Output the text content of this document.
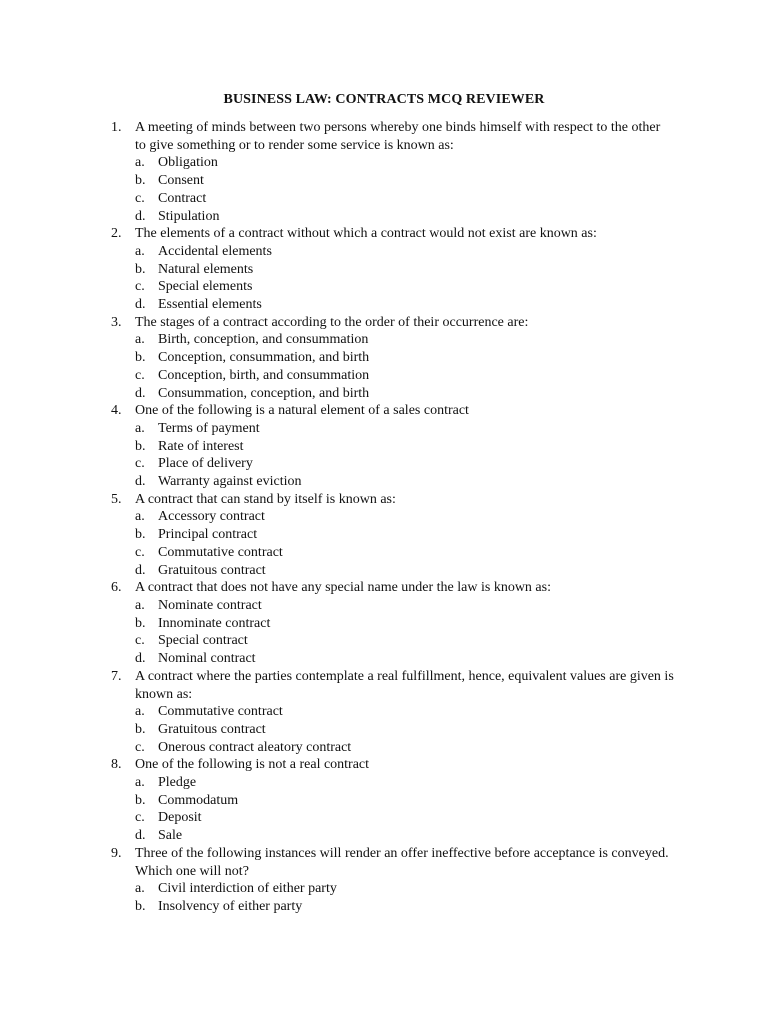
BUSINESS LAW: CONTRACTS MCQ REVIEWER
1. A meeting of minds between two persons whereby one binds himself with respect to the other to give something or to render some service is known as:
a. Obligation
b. Consent
c. Contract
d. Stipulation
2. The elements of a contract without which a contract would not exist are known as:
a. Accidental elements
b. Natural elements
c. Special elements
d. Essential elements
3. The stages of a contract according to the order of their occurrence are:
a. Birth, conception, and consummation
b. Conception, consummation, and birth
c. Conception, birth, and consummation
d. Consummation, conception, and birth
4. One of the following is a natural element of a sales contract
a. Terms of payment
b. Rate of interest
c. Place of delivery
d. Warranty against eviction
5. A contract that can stand by itself is known as:
a. Accessory contract
b. Principal contract
c. Commutative contract
d. Gratuitous contract
6. A contract that does not have any special name under the law is known as:
a. Nominate contract
b. Innominate contract
c. Special contract
d. Nominal contract
7. A contract where the parties contemplate a real fulfillment, hence, equivalent values are given is known as:
a. Commutative contract
b. Gratuitous contract
c. Onerous contract aleatory contract
8. One of the following is not a real contract
a. Pledge
b. Commodatum
c. Deposit
d. Sale
9. Three of the following instances will render an offer ineffective before acceptance is conveyed. Which one will not?
a. Civil interdiction of either party
b. Insolvency of either party
